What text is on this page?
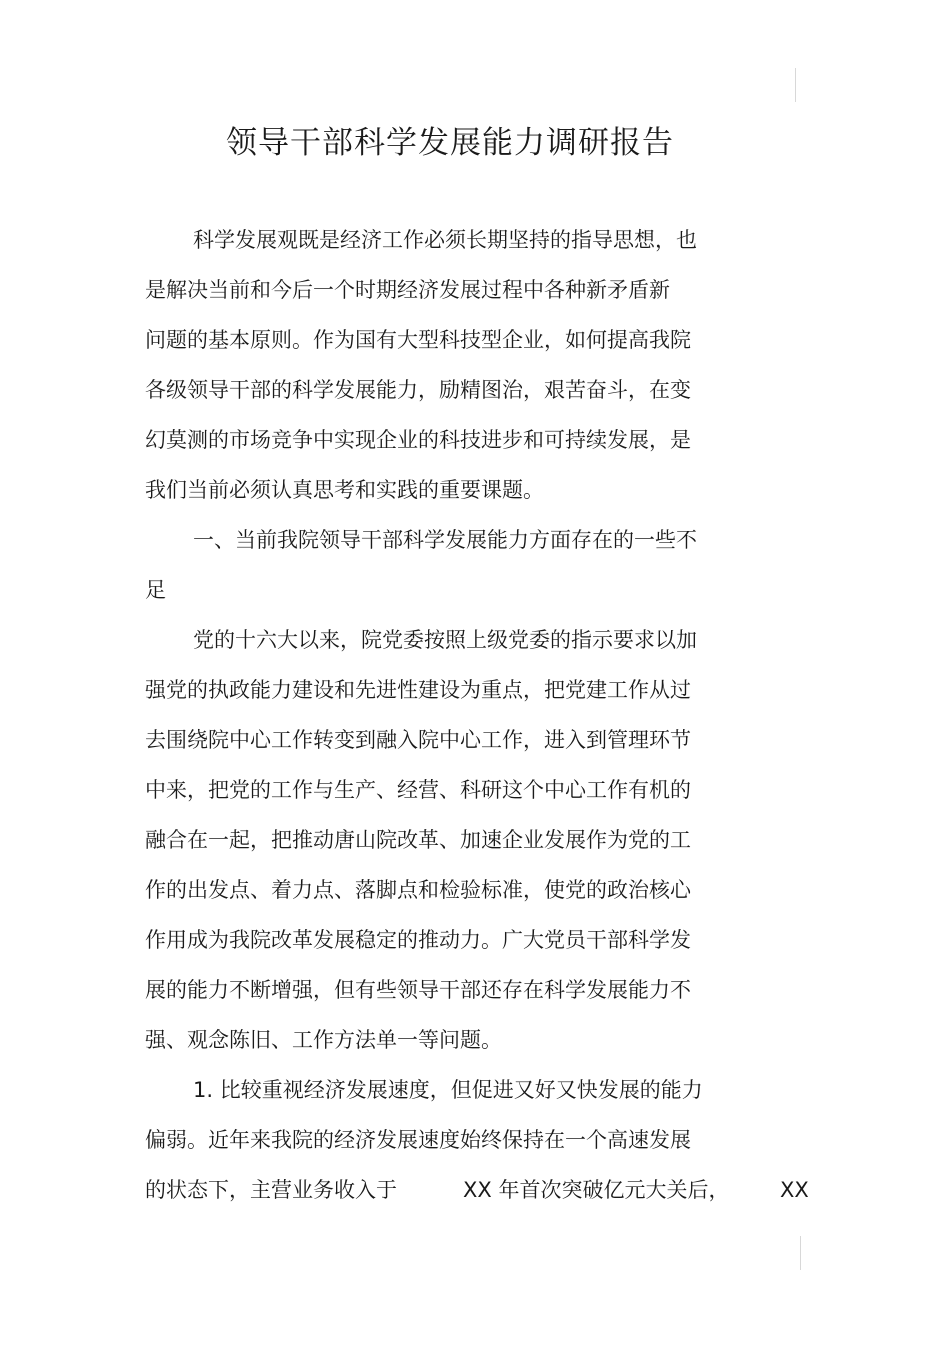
领导干部科学发展能力调研报告

科学发展观既是经济工作必须长期坚持的指导思想，也

是解决当前和今后一个时期经济发展过程中各种新矛盾新

问题的基本原则。作为国有大型科技型企业，如何提高我院

各级领导干部的科学发展能力，励精图治，艰苦奋斗，在变

幻莫测的市场竞争中实现企业的科技进步和可持续发展，是

我们当前必须认真思考和实践的重要课题。

一、当前我院领导干部科学发展能力方面存在的一些不

足

党的十六大以来，院党委按照上级党委的指示要求以加

强党的执政能力建设和先进性建设为重点，把党建工作从过

去围绕院中心工作转变到融入院中心工作，进入到管理环节

中来，把党的工作与生产、经营、科研这个中心工作有机的

融合在一起，把推动唐山院改革、加速企业发展作为党的工

作的出发点、着力点、落脚点和检验标准，使党的政治核心

作用成为我院改革发展稳定的推动力。广大党员干部科学发

展的能力不断增强，但有些领导干部还存在科学发展能力不

强、观念陈旧、工作方法单一等问题。

1. 比较重视经济发展速度，但促进又好又快发展的能力

偏弱。近年来我院的经济发展速度始终保持在一个高速发展

的状态下，主营业务收入于	XX 年首次突破亿元大关后， XX
